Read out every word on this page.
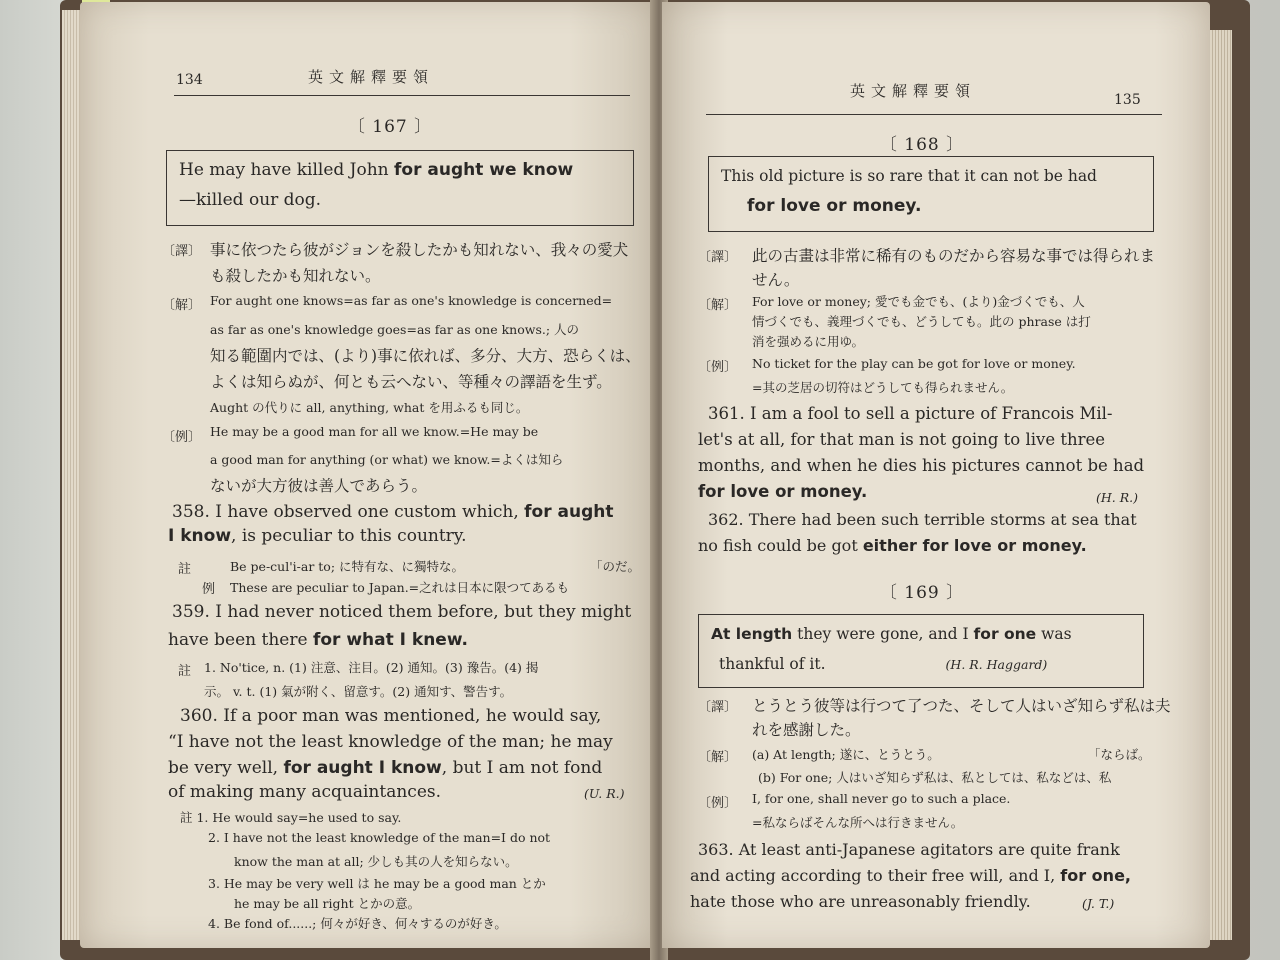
134	英文解釋要領
〔 167 〕
He may have killed John for aught we know
—killed our dog.
〔譯〕 事に依つたら彼がジョンを殺したかも知れない、我々の愛犬
も殺したかも知れない。
〔解〕 For aught one knows=as far as one's knowledge is concerned=
as far as one's knowledge goes=as far as one knows.; 人の
知る範圍内では、(より)事に依れば、多分、大方、恐らくは、
よくは知らぬが、何とも云へない、等種々の譯語を生ず。
Aught の代りに all, anything, what を用ふるも同じ。
〔例〕 He may be a good man for all we know.=He may be
a good man for anything (or what) we know.=よくは知ら
ないが大方彼は善人であらう。
358. I have observed one custom which, for aught
I know, is peculiar to this country.
註	Be pe-cul'i-ar to; に特有な、に獨特な。	「のだ。
例 These are peculiar to Japan.=之れは日本に限つてあるも
359. I had never noticed them before, but they might
have been there for what I knew.
註 1. No'tice, n. (1) 注意、注目。(2) 通知。(3) 豫告。(4) 揭
示。 v. t. (1) 氣が附く、留意す。(2) 通知す、警告す。
360. If a poor man was mentioned, he would say,
“I have not the least knowledge of the man; he may
be very well, for aught I know, but I am not fond
of making many acquaintances.	(U. R.)
註 1. He would say=he used to say.
2. I have not the least knowledge of the man=I do not
know the man at all; 少しも其の人を知らない。
3. He may be very well は he may be a good man とか
he may be all right とかの意。
4. Be fond of......; 何々が好き、何々するのが好き。
英文解釋要領	135
〔 168 〕
This old picture is so rare that it can not be had
for love or money.
〔譯〕 此の古畫は非常に稀有のものだから容易な事では得られま
せん。
〔解〕 For love or money; 愛でも金でも、(より)金づくでも、人
情づくでも、義理づくでも、どうしても。此の phrase は打
消を强めるに用ゆ。
〔例〕 No ticket for the play can be got for love or money.
=其の芝居の切符はどうしても得られません。
361. I am a fool to sell a picture of Francois Mil-
let's at all, for that man is not going to live three
months, and when he dies his pictures cannot be had
for love or money.	(H. R.)
362. There had been such terrible storms at sea that
no fish could be got either for love or money.
〔 169 〕
At length they were gone, and I for one was
thankful of it.	(H. R. Haggard)
〔譯〕 とうとう彼等は行つて了つた、そして人はいざ知らず私は夫
れを感謝した。
〔解〕 (a) At length; 遂に、とうとう。	「ならば。
(b) For one; 人はいざ知らず私は、私としては、私などは、私
〔例〕 I, for one, shall never go to such a place.
=私ならばそんな所へは行きません。
363. At least anti-Japanese agitators are quite frank
and acting according to their free will, and I, for one,
hate those who are unreasonably friendly.	(J. T.)
